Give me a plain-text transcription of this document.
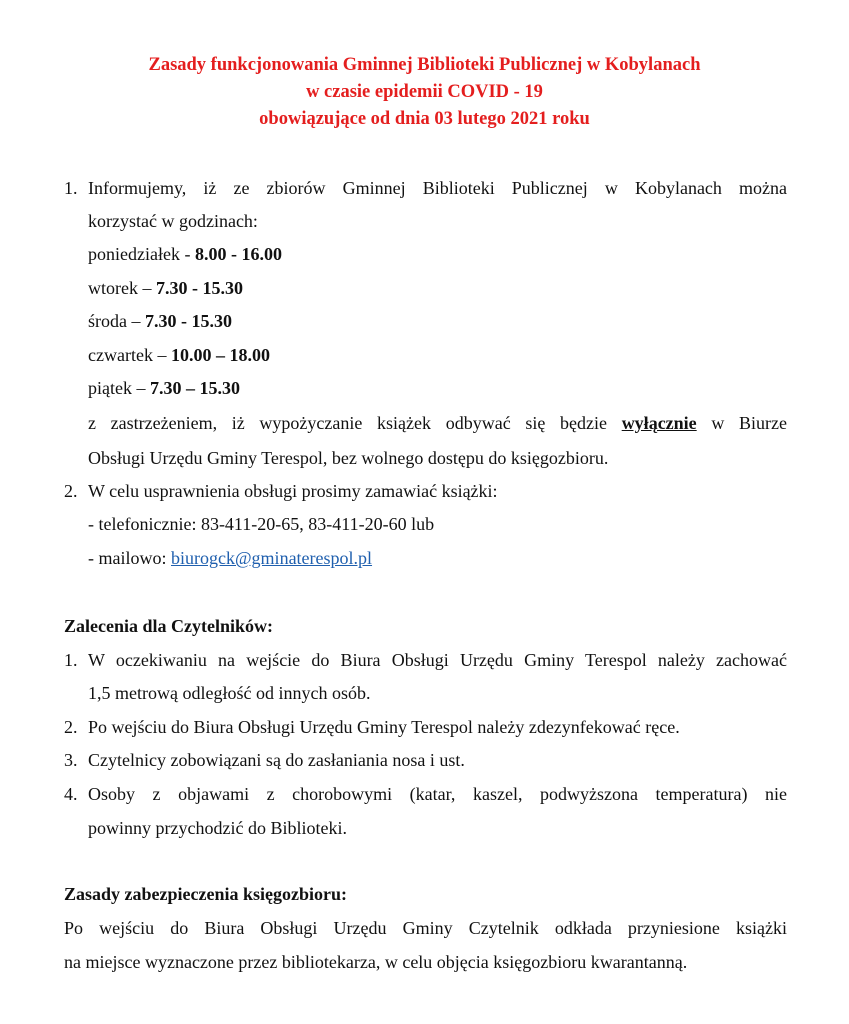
Zasady funkcjonowania Gminnej Biblioteki Publicznej w Kobylanach
w czasie epidemii COVID - 19
obowiązujące od dnia 03 lutego 2021 roku
1. Informujemy, iż ze zbiorów Gminnej Biblioteki Publicznej w Kobylanach można
korzystać w godzinach:
poniedziałek - 8.00 - 16.00
wtorek – 7.30 - 15.30
środa – 7.30 - 15.30
czwartek – 10.00 – 18.00
piątek – 7.30 – 15.30
z zastrzeżeniem, iż wypożyczanie książek odbywać się będzie wyłącznie w Biurze
Obsługi Urzędu Gminy Terespol, bez wolnego dostępu do księgozbioru.
2. W celu usprawnienia obsługi prosimy zamawiać książki:
- telefonicznie: 83-411-20-65, 83-411-20-60 lub
- mailowo: biurogck@gminaterespol.pl
Zalecenia dla Czytelników:
1. W oczekiwaniu na wejście do Biura Obsługi Urzędu Gminy Terespol należy zachować
1,5 metrową odległość od innych osób.
2. Po wejściu do Biura Obsługi Urzędu Gminy Terespol należy zdezynfekować ręce.
3. Czytelnicy zobowiązani są do zasłaniania nosa i ust.
4. Osoby z objawami z chorobowymi (katar, kaszel, podwyższona temperatura) nie
powinny przychodzić do Biblioteki.
Zasady zabezpieczenia księgozbioru:
Po wejściu do Biura Obsługi Urzędu Gminy Czytelnik odkłada przyniesione książki
na miejsce wyznaczone przez bibliotekarza, w celu objęcia księgozbioru kwarantanną.
